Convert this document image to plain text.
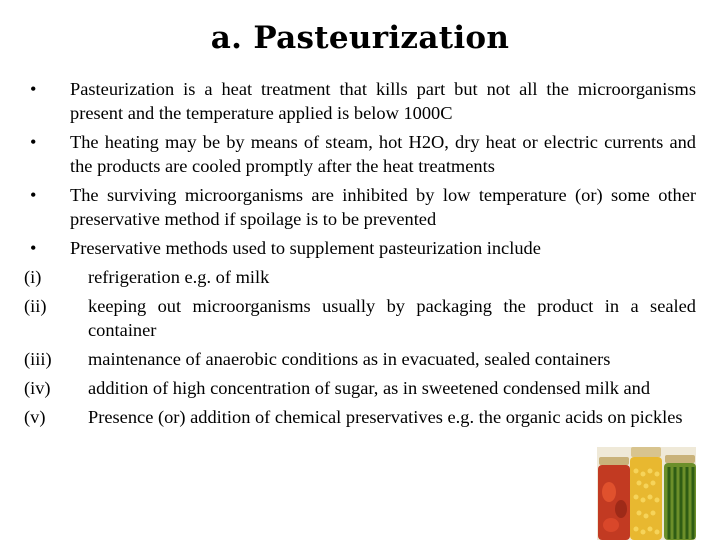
a. Pasteurization
•	Pasteurization is a heat treatment that kills part but not all the microorganisms present and the temperature applied is below 1000C
•	The heating may be by means of steam, hot H2O, dry heat or electric currents and the products are cooled promptly after the heat treatments
•	The surviving microorganisms are inhibited by low temperature (or) some other preservative method if spoilage is to be prevented
•	Preservative methods used to supplement pasteurization include
(i)	refrigeration e.g. of milk
(ii)	keeping out microorganisms usually by packaging the product in a sealed container
(iii)	maintenance of anaerobic conditions as in evacuated, sealed containers
(iv)	addition of high concentration of sugar, as in sweetened condensed milk and
(v)	Presence (or) addition of chemical preservatives e.g. the organic acids on pickles
